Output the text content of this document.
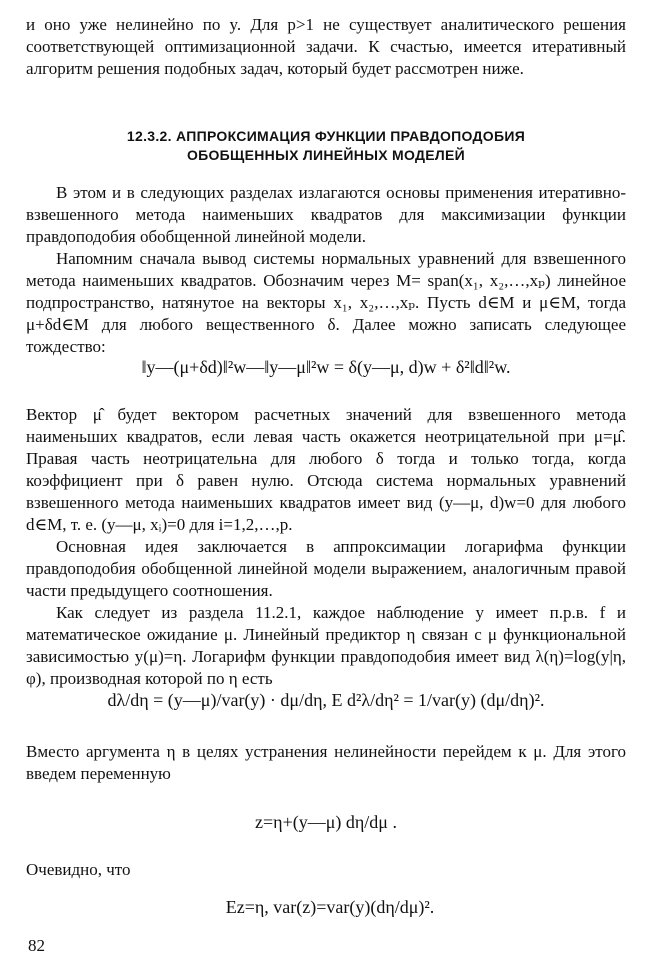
и оно уже нелинейно по y. Для p>1 не существует аналитического решения соответствующей оптимизационной задачи. К счастью, имеется итеративный алгоритм решения подобных задач, который будет рассмотрен ниже.

12.3.2. АППРОКСИМАЦИЯ ФУНКЦИИ ПРАВДОПОДОБИЯ
ОБОБЩЕННЫХ ЛИНЕЙНЫХ МОДЕЛЕЙ

В этом и в следующих разделах излагаются основы применения итеративно-взвешенного метода наименьших квадратов для максимизации функции правдоподобия обобщенной линейной модели.

Напомним сначала вывод системы нормальных уравнений для взвешенного метода наименьших квадратов. Обозначим через M= span(x₁, x₂,…,xₚ) линейное подпространство, натянутое на векторы x₁, x₂,…,xₚ. Пусть d∈M и μ∈M, тогда μ+δd∈M для любого вещественного δ. Далее можно записать следующее тождество:

‖y—(μ+δd)‖²w—‖y—μ‖²w = δ(y—μ, d)w + δ²‖d‖²w.

Вектор μ̂ будет вектором расчетных значений для взвешенного метода наименьших квадратов, если левая часть окажется неотрицательной при μ=μ̂. Правая часть неотрицательна для любого δ тогда и только тогда, когда коэффициент при δ равен нулю. Отсюда система нормальных уравнений взвешенного метода наименьших квадратов имеет вид (y—μ, d)w=0 для любого d∈M, т. е. (y—μ, xᵢ)=0 для i=1,2,…,p.

Основная идея заключается в аппроксимации логарифма функции правдоподобия обобщенной линейной модели выражением, аналогичным правой части предыдущего соотношения.

Как следует из раздела 11.2.1, каждое наблюдение y имеет п.р.в. f и математическое ожидание μ. Линейный предиктор η связан с μ функциональной зависимостью y(μ)=η. Логарифм функции правдоподобия имеет вид λ(η)=log(y|η, φ), производная которой по η есть

dλ/dη = (y—μ)/var(y) · dμ/dη, E d²λ/dη² = 1/var(y) (dμ/dη)².

Вместо аргумента η в целях устранения нелинейности перейдем к μ. Для этого введем переменную

z=η+(y—μ) dη/dμ .

Очевидно, что

Ez=η, var(z)=var(y)(dη/dμ)².
82
